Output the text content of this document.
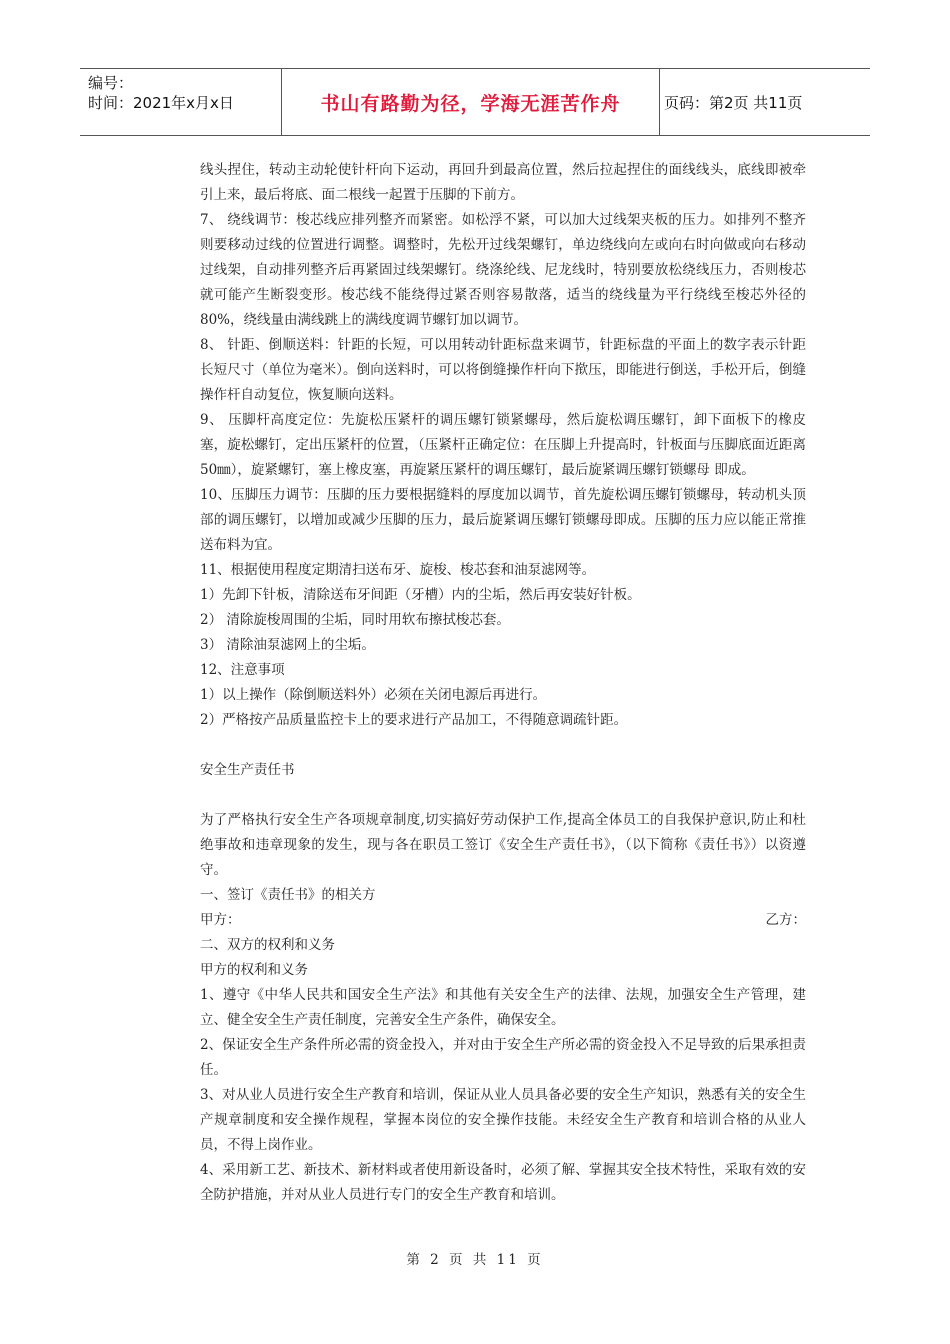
编号：
时间：2021年x月x日	书山有路勤为径，学海无涯苦作舟	页码：第2页 共11页

线头捏住，转动主动轮使针杆向下运动，再回升到最高位置，然后拉起捏住的面线线头，底线即被牵引上来，最后将底、面二根线一起置于压脚的下前方。

7、 绕线调节：梭芯线应排列整齐而紧密。如松浮不紧，可以加大过线架夹板的压力。如排列不整齐则要移动过线的位置进行调整。调整时，先松开过线架螺钉，单边绕线向左或向右时向做或向右移动过线架，自动排列整齐后再紧固过线架螺钉。绕涤纶线、尼龙线时，特别要放松绕线压力，否则梭芯就可能产生断裂变形。梭芯线不能绕得过紧否则容易散落，适当的绕线量为平行绕线至梭芯外径的80%，绕线量由满线跳上的满线度调节螺钉加以调节。

8、 针距、倒顺送料：针距的长短，可以用转动针距标盘来调节，针距标盘的平面上的数字表示针距长短尺寸（单位为毫米）。倒向送料时，可以将倒缝操作杆向下揿压，即能进行倒送，手松开后，倒缝操作杆自动复位，恢复顺向送料。

9、 压脚杆高度定位：先旋松压紧杆的调压螺钉锁紧螺母，然后旋松调压螺钉，卸下面板下的橡皮塞，旋松螺钉，定出压紧杆的位置，（压紧杆正确定位：在压脚上升提高时，针板面与压脚底面近距离50㎜），旋紧螺钉，塞上橡皮塞，再旋紧压紧杆的调压螺钉，最后旋紧调压螺钉锁螺母 即成。

10、压脚压力调节：压脚的压力要根据缝料的厚度加以调节，首先旋松调压螺钉锁螺母，转动机头顶部的调压螺钉，以增加或减少压脚的压力，最后旋紧调压螺钉锁螺母即成。压脚的压力应以能正常推送布料为宜。

11、根据使用程度定期清扫送布牙、旋梭、梭芯套和油泵滤网等。

1）先卸下针板，清除送布牙间距（牙槽）内的尘垢，然后再安装好针板。

2） 清除旋梭周围的尘垢，同时用软布擦拭梭芯套。

3） 清除油泵滤网上的尘垢。

12、注意事项

1）以上操作（除倒顺送料外）必须在关闭电源后再进行。

2）严格按产品质量监控卡上的要求进行产品加工，不得随意调疏针距。

安全生产责任书

为了严格执行安全生产各项规章制度,切实搞好劳动保护工作,提高全体员工的自我保护意识,防止和杜绝事故和违章现象的发生，现与各在职员工签订《安全生产责任书》，（以下简称《责任书》）以资遵守。

一、签订《责任书》的相关方

甲方：	乙方：

二、双方的权利和义务

甲方的权利和义务

1、遵守《中华人民共和国安全生产法》和其他有关安全生产的法律、法规，加强安全生产管理，建立、健全安全生产责任制度，完善安全生产条件，确保安全。

2、保证安全生产条件所必需的资金投入，并对由于安全生产所必需的资金投入不足导致的后果承担责任。

3、对从业人员进行安全生产教育和培训，保证从业人员具备必要的安全生产知识，熟悉有关的安全生产规章制度和安全操作规程，掌握本岗位的安全操作技能。未经安全生产教育和培训合格的从业人员，不得上岗作业。

4、采用新工艺、新技术、新材料或者使用新设备时，必须了解、掌握其安全技术特性，采取有效的安全防护措施，并对从业人员进行专门的安全生产教育和培训。

第 2 页 共 11 页
